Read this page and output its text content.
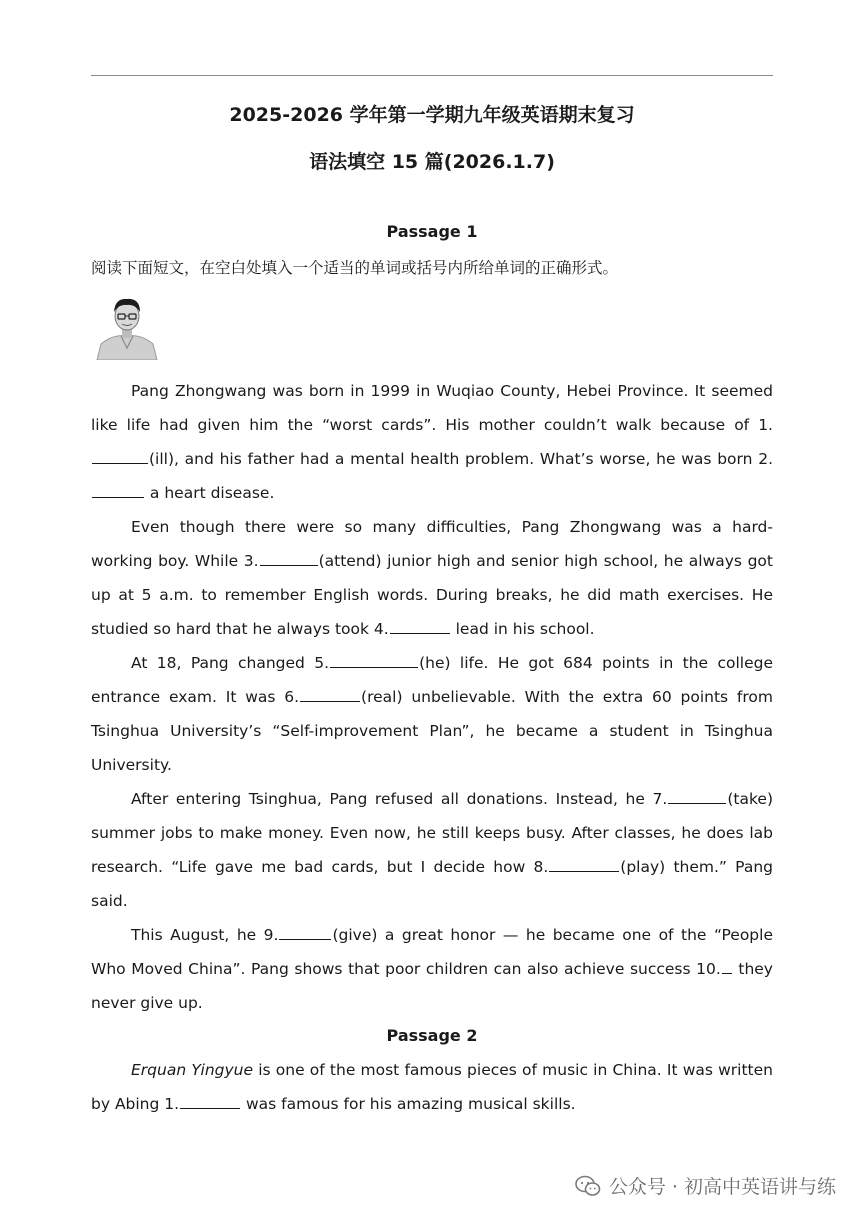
2025-2026 学年第一学期九年级英语期末复习
语法填空 15 篇(2026.1.7)
Passage 1
阅读下面短文，在空白处填入一个适当的单词或括号内所给单词的正确形式。

Pang Zhongwang was born in 1999 in Wuqiao County, Hebei Province. It seemed like life had given him the “worst cards”. His mother couldn’t walk because of 1.(ill), and his father had a mental health problem. What’s worse, he was born 2. a heart disease.

Even though there were so many difficulties, Pang Zhongwang was a hard-working boy. While 3.	(attend) junior high and senior high school, he always got up at 5 a.m. to remember English words. During breaks, he did math exercises. He studied so hard that he always took 4.	lead in his school.

At 18, Pang changed 5.	(he) life. He got 684 points in the college entrance exam. It was 6.	(real) unbelievable. With the extra 60 points from Tsinghua University’s “Self-improvement Plan”, he became a student in Tsinghua University.

After entering Tsinghua, Pang refused all donations. Instead, he 7.	(take) summer jobs to make money. Even now, he still keeps busy. After classes, he does lab research. “Life gave me bad cards, but I decide how 8.	(play) them.” Pang said.

This August, he 9.	(give) a great honor — he became one of the “People Who Moved China”. Pang shows that poor children can also achieve success 10. they never give up.

Passage 2

Erquan Yingyue is one of the most famous pieces of music in China. It was written by Abing 1.	was famous for his amazing musical skills.

公众号 · 初高中英语讲与练
